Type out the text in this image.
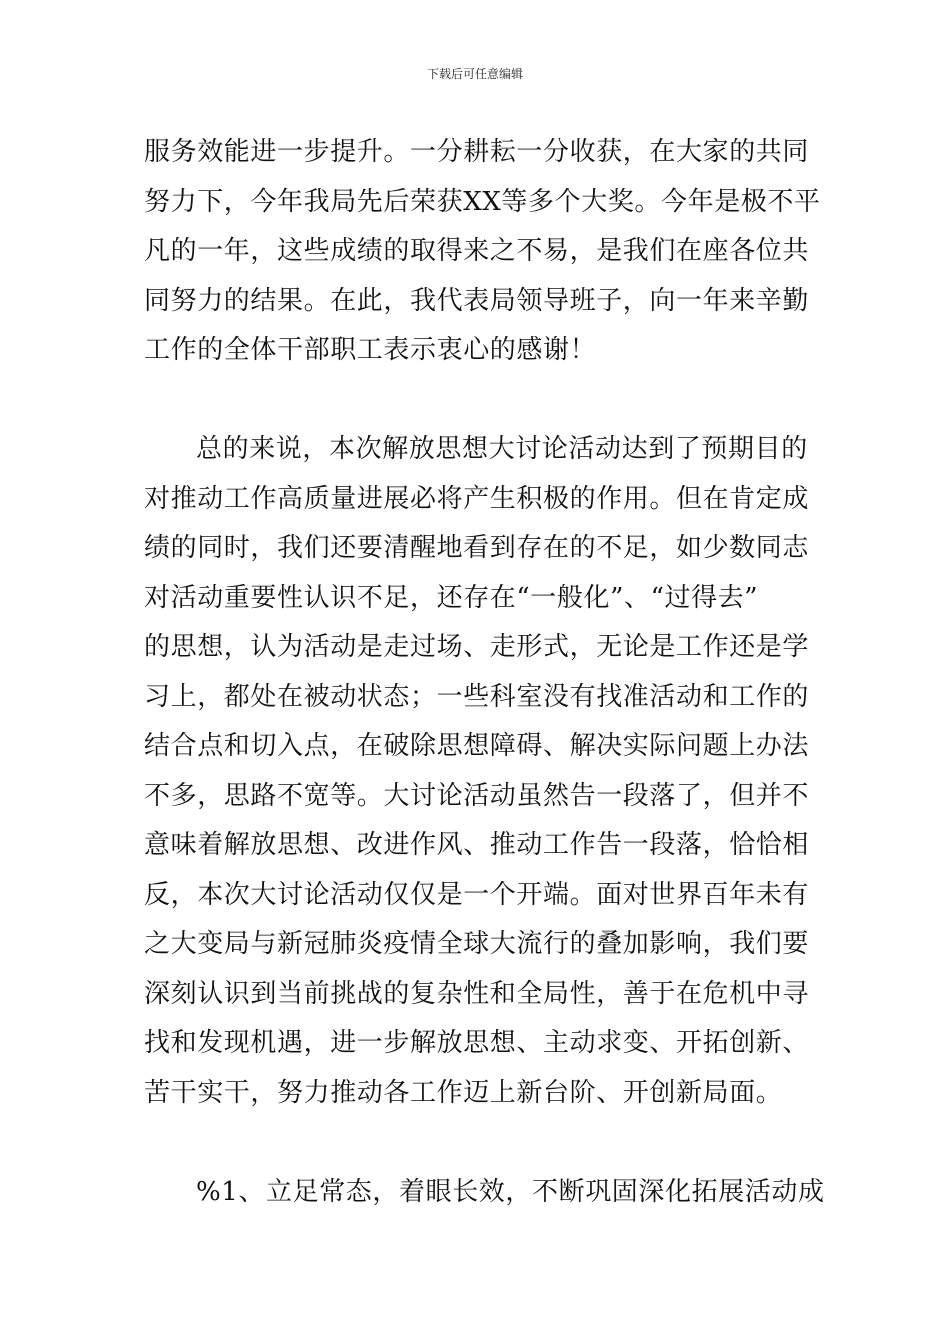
下载后可任意编辑
服务效能进一步提升。一分耕耘一分收获，在大家的共同
努力下，今年我局先后荣获XX等多个大奖。今年是极不平
凡的一年，这些成绩的取得来之不易，是我们在座各位共
同努力的结果。在此，我代表局领导班子，向一年来辛勤
工作的全体干部职工表示衷心的感谢！
总的来说，本次解放思想大讨论活动达到了预期目的
对推动工作高质量进展必将产生积极的作用。但在肯定成
绩的同时，我们还要清醒地看到存在的不足，如少数同志
对活动重要性认识不足，还存在“一般化”、“过得去”
的思想，认为活动是走过场、走形式，无论是工作还是学
习上，都处在被动状态；一些科室没有找准活动和工作的
结合点和切入点，在破除思想障碍、解决实际问题上办法
不多，思路不宽等。大讨论活动虽然告一段落了，但并不
意味着解放思想、改进作风、推动工作告一段落，恰恰相
反，本次大讨论活动仅仅是一个开端。面对世界百年未有
之大变局与新冠肺炎疫情全球大流行的叠加影响，我们要
深刻认识到当前挑战的复杂性和全局性，善于在危机中寻
找和发现机遇，进一步解放思想、主动求变、开拓创新、
苦干实干，努力推动各工作迈上新台阶、开创新局面。
%1、立足常态，着眼长效，不断巩固深化拓展活动成
